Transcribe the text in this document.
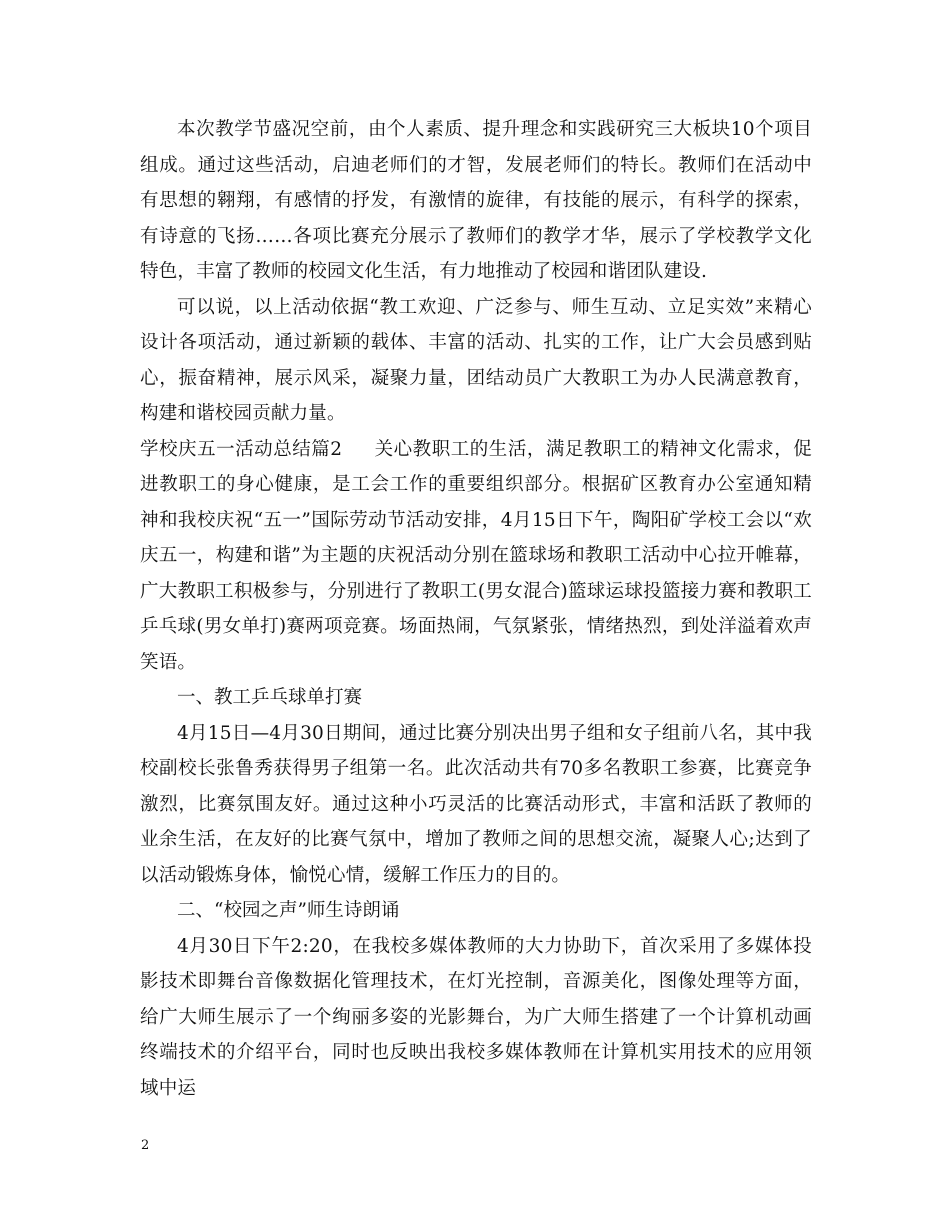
本次教学节盛况空前，由个人素质、提升理念和实践研究三大板块10个项目组成。通过这些活动，启迪老师们的才智，发展老师们的特长。教师们在活动中有思想的翱翔，有感情的抒发，有激情的旋律，有技能的展示，有科学的探索，有诗意的飞扬……各项比赛充分展示了教师们的教学才华，展示了学校教学文化特色，丰富了教师的校园文化生活，有力地推动了校园和谐团队建设.

可以说，以上活动依据“教工欢迎、广泛参与、师生互动、立足实效”来精心设计各项活动，通过新颖的载体、丰富的活动、扎实的工作，让广大会员感到贴心，振奋精神，展示风采，凝聚力量，团结动员广大教职工为办人民满意教育，构建和谐校园贡献力量。

学校庆五一活动总结篇2 关心教职工的生活，满足教职工的精神文化需求，促进教职工的身心健康，是工会工作的重要组织部分。根据矿区教育办公室通知精神和我校庆祝“五一”国际劳动节活动安排，4月15日下午，陶阳矿学校工会以“欢庆五一，构建和谐”为主题的庆祝活动分别在篮球场和教职工活动中心拉开帷幕，广大教职工积极参与，分别进行了教职工(男女混合)篮球运球投篮接力赛和教职工乒乓球(男女单打)赛两项竞赛。场面热闹，气氛紧张，情绪热烈，到处洋溢着欢声笑语。

一、教工乒乓球单打赛

4月15日—4月30日期间，通过比赛分别决出男子组和女子组前八名，其中我校副校长张鲁秀获得男子组第一名。此次活动共有70多名教职工参赛，比赛竞争激烈，比赛氛围友好。通过这种小巧灵活的比赛活动形式，丰富和活跃了教师的业余生活，在友好的比赛气氛中，增加了教师之间的思想交流，凝聚人心;达到了以活动锻炼身体，愉悦心情，缓解工作压力的目的。

二、“校园之声”师生诗朗诵

4月30日下午2:20，在我校多媒体教师的大力协助下，首次采用了多媒体投影技术即舞台音像数据化管理技术，在灯光控制，音源美化，图像处理等方面，给广大师生展示了一个绚丽多姿的光影舞台，为广大师生搭建了一个计算机动画终端技术的介绍平台，同时也反映出我校多媒体教师在计算机实用技术的应用领域中运

2
